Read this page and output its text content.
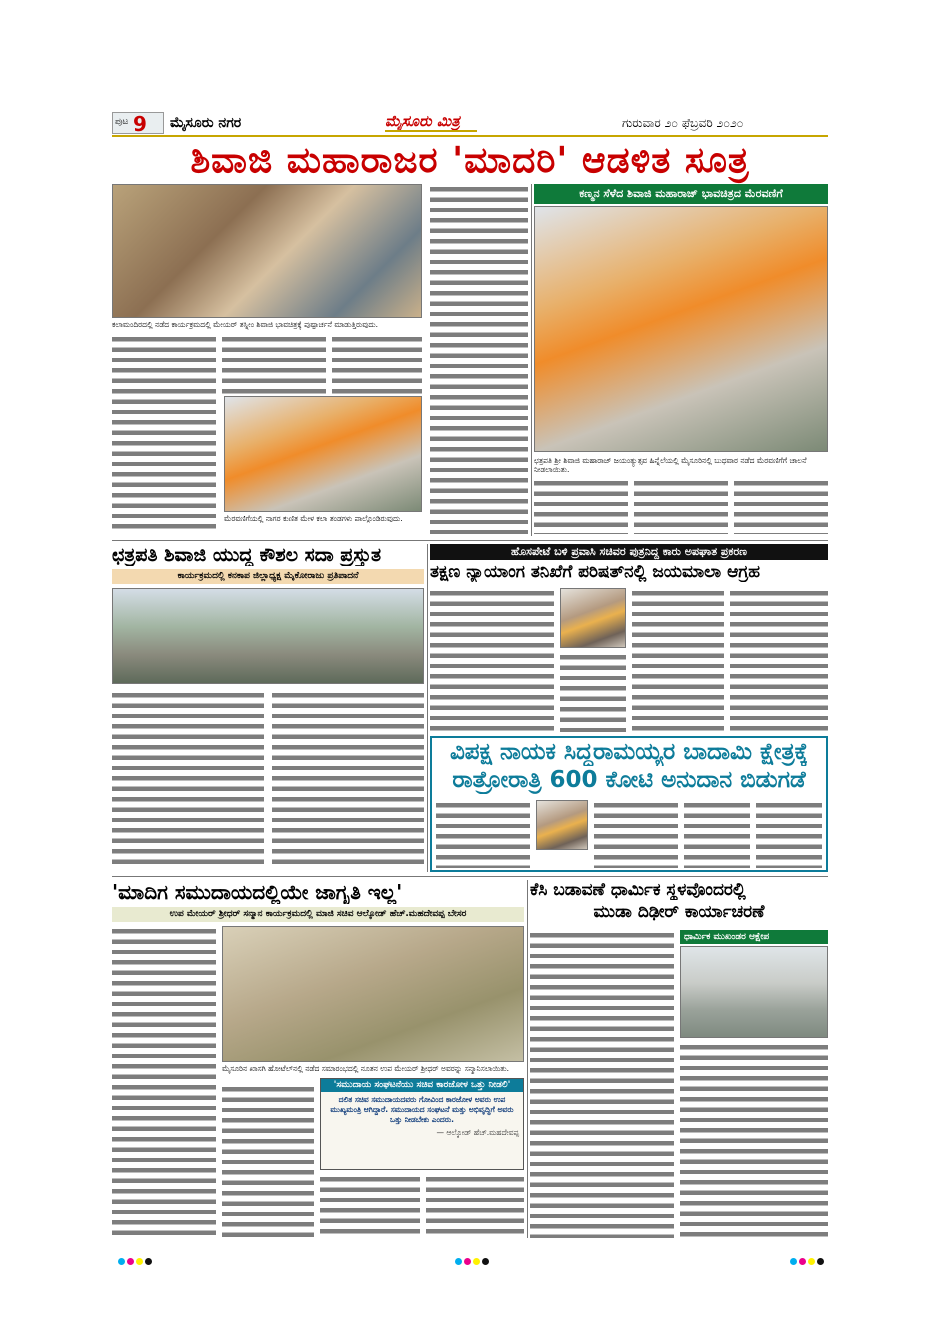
ಪುಟ 9 ಮೈಸೂರು ನಗರ	ಮೈಸೂರು ಮಿತ್ರ	ಗುರುವಾರ ೨೦ ಫೆಬ್ರವರಿ ೨೦೨೦
ಶಿವಾಜಿ ಮಹಾರಾಜರ 'ಮಾದರಿ' ಆಡಳಿತ ಸೂತ್ರ
ಕಲಾಮಂದಿರದಲ್ಲಿ ನಡೆದ ಕಾರ್ಯಕ್ರಮದಲ್ಲಿ ಮೇಯರ್ ತಸ್ನೀಂ ಶಿವಾಜಿ ಭಾವಚಿತ್ರಕ್ಕೆ ಪುಷ್ಪಾರ್ಚನೆ ಮಾಡುತ್ತಿರುವುದು.
ಮೆರವಣಿಗೆಯಲ್ಲಿ ನಾಗರ ಕುಣಿತ ಮೇಳ ಕಲಾ ತಂಡಗಳು ಪಾಲ್ಗೊಂಡಿರುವುದು.
ಕಣ್ಮನ ಸೆಳೆದ ಶಿವಾಜಿ ಮಹಾರಾಜ್ ಭಾವಚಿತ್ರದ ಮೆರವಣಿಗೆ
ಛತ್ರಪತಿ ಶ್ರೀ ಶಿವಾಜಿ ಮಹಾರಾಜ್ ಜಯಂತ್ಯುತ್ಸವ ಹಿನ್ನೆಲೆಯಲ್ಲಿ ಮೈಸೂರಿನಲ್ಲಿ ಬುಧವಾರ ನಡೆದ ಮೆರವಣಿಗೆಗೆ ಚಾಲನೆ ನೀಡಲಾಯಿತು.
ಛತ್ರಪತಿ ಶಿವಾಜಿ ಯುದ್ಧ ಕೌಶಲ ಸದಾ ಪ್ರಸ್ತುತ
ಕಾರ್ಯಕ್ರಮದಲ್ಲಿ ಕನಕಾಪ ಜಿಲ್ಲಾಧ್ಯಕ್ಷ ಮೈಕೋರಾಜು ಪ್ರತಿಪಾದನೆ
ಹೊಸಪೇಟೆ ಬಳಿ ಪ್ರವಾಸಿ ಸಚಿವರ ಪುತ್ರನಿದ್ದ ಕಾರು ಅಪಘಾತ ಪ್ರಕರಣ
ತಕ್ಷಣ ನ್ಯಾಯಾಂಗ ತನಿಖೆಗೆ ಪರಿಷತ್‌ನಲ್ಲಿ ಜಯಮಾಲಾ ಆಗ್ರಹ
ವಿಪಕ್ಷ ನಾಯಕ ಸಿದ್ದರಾಮಯ್ಯರ ಬಾದಾಮಿ ಕ್ಷೇತ್ರಕ್ಕೆ
ರಾತ್ರೋರಾತ್ರಿ 600 ಕೋಟಿ ಅನುದಾನ ಬಿಡುಗಡೆ
'ಮಾದಿಗ ಸಮುದಾಯದಲ್ಲಿಯೇ ಜಾಗೃತಿ ಇಲ್ಲ'
ಉಪ ಮೇಯರ್ ಶ್ರೀಧರ್ ಸನ್ಮಾನ ಕಾರ್ಯಕ್ರಮದಲ್ಲಿ ಮಾಜಿ ಸಚಿವ ಆಲ್ಕೋಡ್ ಹೆಚ್.ಮಹದೇವಪ್ಪ ಬೇಸರ
ಮೈಸೂರಿನ ಖಾಸಗಿ ಹೋಟೆಲ್‌ನಲ್ಲಿ ನಡೆದ ಸಮಾರಂಭದಲ್ಲಿ ನೂತನ ಉಪ ಮೇಯರ್ ಶ್ರೀಧರ್ ಅವರನ್ನು ಸನ್ಮಾನಿಸಲಾಯಿತು.
'ಸಮುದಾಯ ಸಂಘಟನೆಯು ಸಚಿವ ಕಾರಜೋಳ ಒತ್ತು ನೀಡಲಿ'
ದಲಿತ ಸಚಿವ ಸಮುದಾಯದವರು ಗೋವಿಂದ ಕಾರಜೋಳ ಅವರು ಉಪ ಮುಖ್ಯಮಂತ್ರಿ ಆಗಿದ್ದಾರೆ. ಸಮುದಾಯದ ಸಂಘಟನೆ ಮತ್ತು ಅಭಿವೃದ್ಧಿಗೆ ಅವರು ಒತ್ತು ನೀಡಬೇಕು ಎಂದರು.
— ಆಲ್ಕೋಡ್ ಹೆಚ್.ಮಹದೇವಪ್ಪ
ಕೆಸಿ ಬಡಾವಣೆ ಧಾರ್ಮಿಕ ಸ್ಥಳವೊಂದರಲ್ಲಿ
ಮುಡಾ ದಿಢೀರ್ ಕಾರ್ಯಾಚರಣೆ
ಧಾರ್ಮಿಕ ಮುಖಂಡರ ಆಕ್ಷೇಪ
